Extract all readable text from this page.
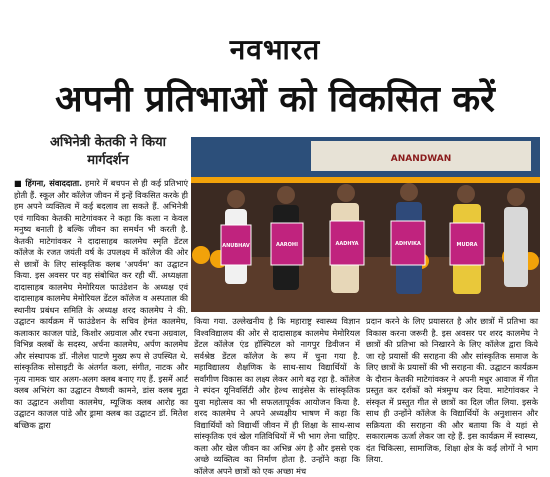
नवभारत
अपनी प्रतिभाओं को विकसित करें
अभिनेत्री केतकी ने किया मार्गदर्शन	ANANDWAN
ANUBHAV	AAROHI	AADHYA	ADHVIKA	MUDRA
■ हिंगना, संवाददाता. हमारे में बचपन से ही कई प्रतिभाएं होती हैं. स्कूल और कॉलेज जीवन में इन्हें विकसित करके ही हम अपने व्यक्तित्व में कई बदलाव ला सकते हैं. अभिनेत्री एवं गायिका केतकी माटेगांवकर ने कहा कि कला न केवल मनुष्य बनाती है बल्कि जीवन का समर्थन भी करती है. केतकी माटेगांवकर ने दादासाहब कालमेघ स्मृति डेंटल कॉलेज के रजत जयंती वर्ष के उपलक्ष्य में कॉलेज की ओर से छात्रों के लिए सांस्कृतिक क्लब 'अपर्वम' का उद्घाटन किया. इस अवसर पर वह संबोधित कर रही थीं. अध्यक्षता दादासाहब कालमेघ मेमोरियल फाउंडेशन के अध्यक्ष एवं दादासाहब कालमेघ मेमोरियल डेंटल कॉलेज व अस्पताल की स्थानीय प्रबंधन समिति के अध्यक्ष शरद कालमेघ ने की. उद्घाटन कार्यक्रम में फाउंडेशन के सचिव हेमंत कालमेघ, कलाकार काजल पांडे, किशोर अग्रवाल और रचना अग्रवाल, विभिन्न क्लबों के सदस्य, अर्चना कालमेघ, अर्पण कालमेघ और संस्थापक डॉ. नीलेश पाटणे मुख्य रूप से उपस्थित थे. सांस्कृतिक सोसाइटी के अंतर्गत कला, संगीत, नाटक और नृत्य नामक चार अलग-अलग क्लब बनाए गए हैं. इसमें आर्ट क्लब अभिरंग का उद्घाटन वैष्णवी कामने, डांस क्लब मुद्रा का उद्घाटन अशीया कालमेघ, म्यूजिक क्लब आरोह का उद्घाटन काजल पांडे और ड्रामा क्लब का उद्घाटन डॉ. मितेश बच्छिक द्वारा
किया गया. उल्लेखनीय है कि महाराष्ट्र स्वास्थ्य विज्ञान विश्वविद्यालय की ओर से दादासाहब कालमेघ मेमोरियल डेंटल कॉलेज एंड हॉस्पिटल को नागपुर डिवीजन में सर्वश्रेष्ठ डेंटल कॉलेज के रूप में चुना गया है. महाविद्यालय शैक्षणिक के साथ-साथ विद्यार्थियों के सर्वांगीण विकास का लक्ष्य लेकर आगे बढ़ रहा है. कॉलेज ने स्पंदन यूनिवर्सिटी और हेल्थ साइंसेस के सांस्कृतिक युवा महोत्सव का भी सफलतापूर्वक आयोजन किया है. शरद कालमेघ ने अपने अध्यक्षीय भाषण में कहा कि विद्यार्थियों को विद्यार्थी जीवन में ही शिक्षा के साथ-साथ सांस्कृतिक एवं खेल गतिविधियों में भी भाग लेना चाहिए. कला और खेल जीवन का अभिन्न अंग है और इससे एक अच्छे व्यक्तित्व का निर्माण होता है. उन्होंने कहा कि कॉलेज अपने छात्रों को एक अच्छा मंच
प्रदान करने के लिए प्रयासरत है और छात्रों में प्रतिभा का विकास करना जरूरी है. इस अवसर पर शरद कालमेघ ने छात्रों की प्रतिभा को निखारने के लिए कॉलेज द्वारा किये जा रहे प्रयासों की सराहना की और सांस्कृतिक समाज के लिए छात्रों के प्रयासों की भी सराहना की. उद्घाटन कार्यक्रम के दौरान केतकी माटेगांवकर ने अपनी मधुर आवाज में गीत प्रस्तुत कर दर्शकों को मंत्रमुग्ध कर दिया. माटेगांवकर ने संस्कृत में प्रस्तुत गीत से छात्रों का दिल जीत लिया. इसके साथ ही उन्होंने कॉलेज के विद्यार्थियों के अनुशासन और सक्रियता की सराहना की और बताया कि वे यहां से सकारात्मक ऊर्जा लेकर जा रहे हैं. इस कार्यक्रम में स्वास्थ्य, दंत चिकित्सा, सामाजिक, शिक्षा क्षेत्र के कई लोगों ने भाग लिया.
